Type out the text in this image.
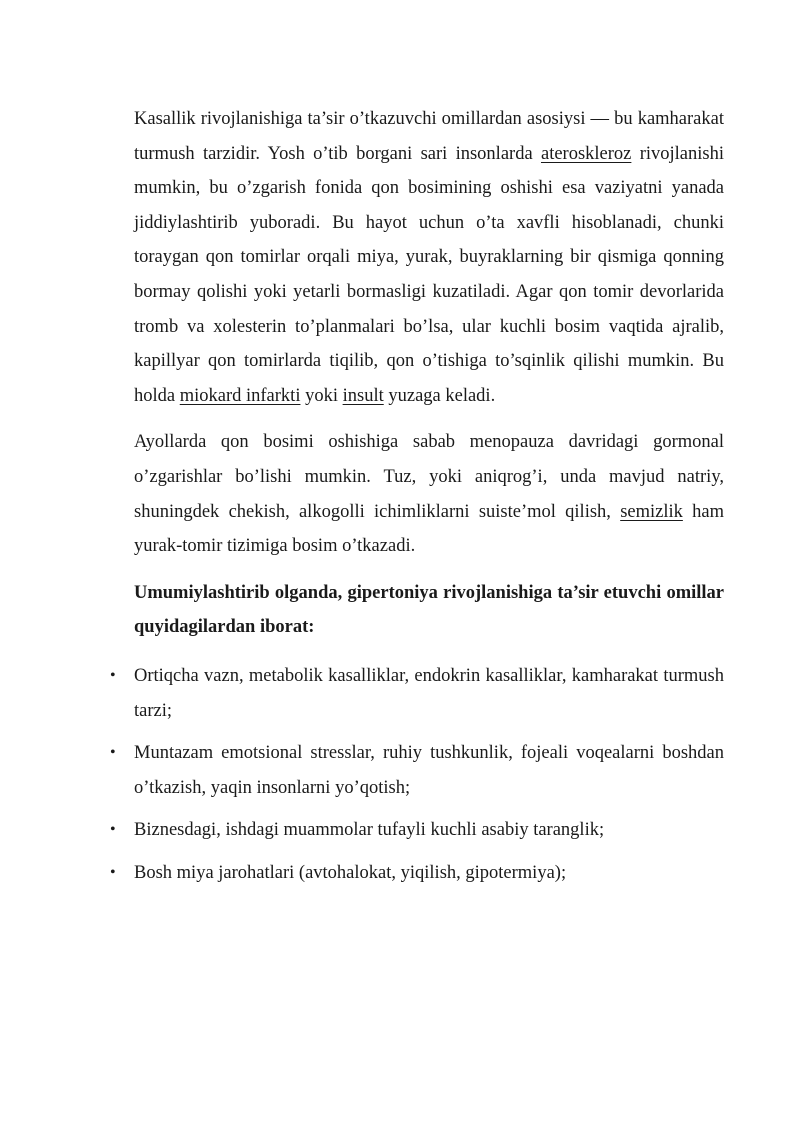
Kasallik rivojlanishiga ta’sir o’tkazuvchi omillardan asosiysi — bu kamharakat turmush tarzidir. Yosh o’tib borgani sari insonlarda ateroskleroz rivojlanishi mumkin, bu o’zgarish fonida qon bosimining oshishi esa vaziyatni yanada jiddiylashtirib yuboradi. Bu hayot uchun o’ta xavfli hisoblanadi, chunki toraygan qon tomirlar orqali miya, yurak, buyraklarning bir qismiga qonning bormay qolishi yoki yetarli bormasligi kuzatiladi. Agar qon tomir devorlarida tromb va xolesterin to’planmalari bo’lsa, ular kuchli bosim vaqtida ajralib, kapillyar qon tomirlarda tiqilib, qon o’tishiga to’sqinlik qilishi mumkin. Bu holda miokard infarkti yoki insult yuzaga keladi.

Ayollarda qon bosimi oshishiga sabab menopauza davridagi gormonal o’zgarishlar bo’lishi mumkin. Tuz, yoki aniqrog’i, unda mavjud natriy, shuningdek chekish, alkogolli ichimliklarni suiste’mol qilish, semizlik ham yurak-tomir tizimiga bosim o’tkazadi.

Umumiylashtirib olganda, gipertoniya rivojlanishiga ta’sir etuvchi omillar quyidagilardan iborat:

• Ortiqcha vazn, metabolik kasalliklar, endokrin kasalliklar, kamharakat turmush tarzi;
• Muntazam emotsional stresslar, ruhiy tushkunlik, fojeali voqealarni boshdan o’tkazish, yaqin insonlarni yo’qotish;
• Biznesdagi, ishdagi muammolar tufayli kuchli asabiy taranglik;
• Bosh miya jarohatlari (avtohalokat, yiqilish, gipotermiya);
